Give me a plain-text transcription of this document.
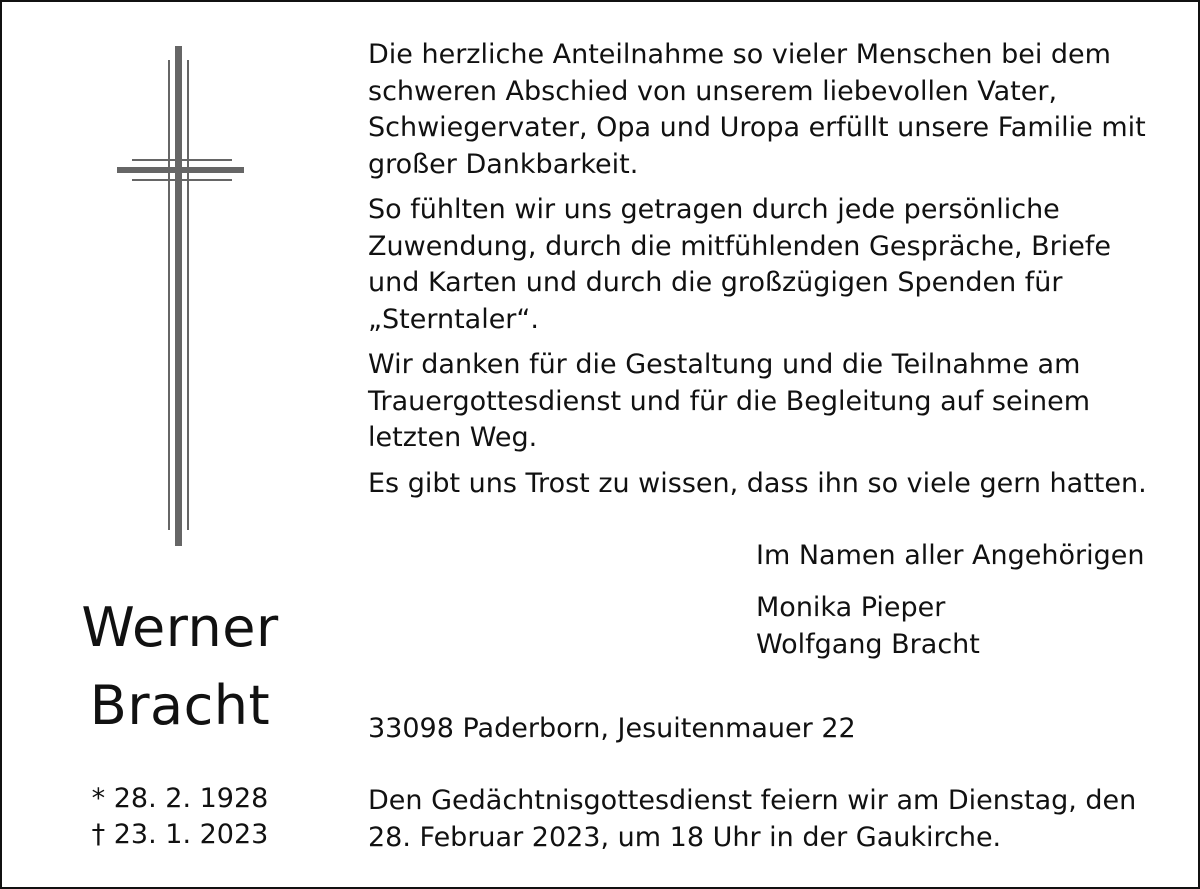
Werner
Bracht
* 28. 2. 1928
† 23. 1. 2023

Die herzliche Anteilnahme so vieler Menschen bei dem schweren Abschied von unserem liebevollen Vater, Schwiegervater, Opa und Uropa erfüllt unsere Familie mit großer Dankbarkeit.

So fühlten wir uns getragen durch jede persönliche Zuwendung, durch die mitfühlenden Gespräche, Briefe und Karten und durch die großzügigen Spenden für „Sterntaler“.

Wir danken für die Gestaltung und die Teilnahme am Trauergottesdienst und für die Begleitung auf seinem letzten Weg.

Es gibt uns Trost zu wissen, dass ihn so viele gern hatten.

Im Namen aller Angehörigen
Monika Pieper
Wolfgang Bracht
33098 Paderborn, Jesuitenmauer 22
Den Gedächtnisgottesdienst feiern wir am Dienstag, den 28. Februar 2023, um 18 Uhr in der Gaukirche.
